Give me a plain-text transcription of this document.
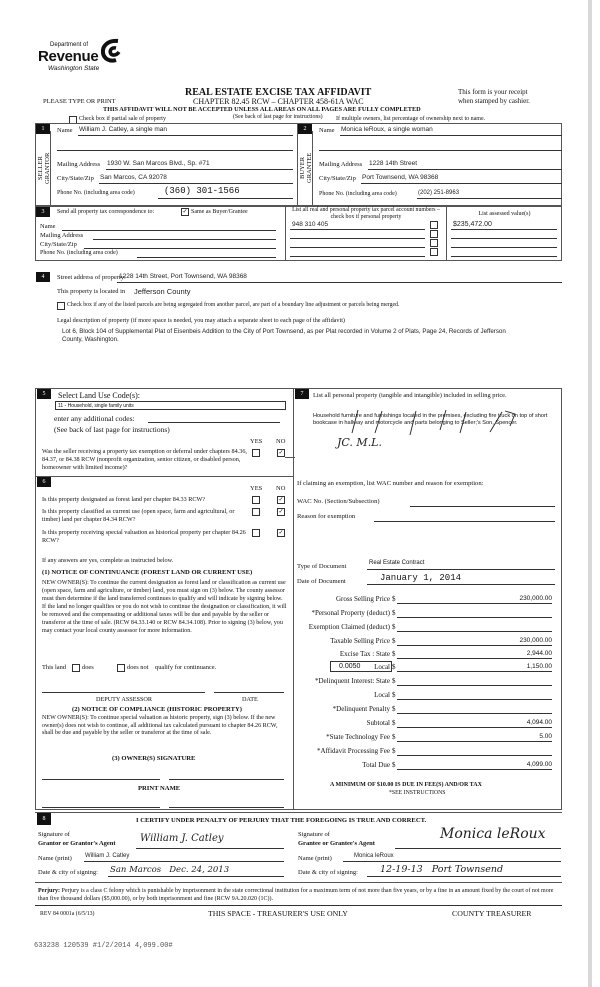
Department of
Revenue
Washington State
REAL ESTATE EXCISE TAX AFFIDAVIT
PLEASE TYPE OR PRINT	CHAPTER 82.45 RCW – CHAPTER 458-61A WAC
This form is your receipt
when stamped by cashier.
THIS AFFIDAVIT WILL NOT BE ACCEPTED UNLESS ALL AREAS ON ALL PAGES ARE FULLY COMPLETED
(See back of last page for instructions)
Check box if partial sale of property	If multiple owners, list percentage of ownership next to name.
1
SELLER
GRANTOR
Name William J. Catley, a single man
Mailing Address 1930 W. San Marcos Blvd., Sp. #71
City/State/Zip San Marcos, CA 92078
Phone No. (including area code)	(360) 301-1566
2
BUYER
GRANTEE
Name Monica leRoux, a single woman
Mailing Address 1228 14th Street
City/State/Zip Port Townsend, WA 98368
Phone No. (including area code)	(202) 251-8963
3	Send all property tax correspondence to:	✓ Same as Buyer/Grantee	List all real and personal property tax parcel account numbers – check box if personal property	List assessed value(s)
Name
Mailing Address
City/State/Zip
Phone No. (including area code)
948 310 405	$235,472.00
4	Street address of property:
1228 14th Street, Port Townsend, WA 98368
This property is located in Jefferson County
Check box if any of the listed parcels are being segregated from another parcel, are part of a boundary line adjustment or parcels being merged.
Legal description of property (if more space is needed, you may attach a separate sheet to each page of the affidavit)
Lot 6, Block 104 of Supplemental Plat of Eisenbeis Addition to the City of Port Townsend, as per Plat recorded in Volume 2 of Plats, Page 24, Records of Jefferson County, Washington.
5	Select Land Use Code(s):
11 - Household, single family units
enter any additional codes:
(See back of last page for instructions)
YES NO
Was the seller receiving a property tax exemption or deferral under chapters 84.36, 84.37, or 84.38 RCW (nonprofit organization, senior citizen, or disabled person, homeowner with limited income)?
✓
6
YES NO
Is this property designated as forest land per chapter 84.33 RCW?	✓
Is this property classified as current use (open space, farm and agricultural, or timber) land per chapter 84.34 RCW?
✓
Is this property receiving special valuation as historical property per chapter 84.26 RCW?
✓
If any answers are yes, complete as instructed below.
(1) NOTICE OF CONTINUANCE (FOREST LAND OR CURRENT USE)
NEW OWNER(S): To continue the current designation as forest land or classification as current use (open space, farm and agriculture, or timber) land, you must sign on (3) below. The county assessor must then determine if the land transferred continues to qualify and will indicate by signing below. If the land no longer qualifies or you do not wish to continue the designation or classification, it will be removed and the compensating or additional taxes will be due and payable by the seller or transferor at the time of sale. (RCW 84.33.140 or RCW 84.34.108). Prior to signing (3) below, you may contact your local county assessor for more information.
This land	does	does not qualify for continuance.
DEPUTY ASSESSOR	DATE
(2) NOTICE OF COMPLIANCE (HISTORIC PROPERTY)
NEW OWNER(S): To continue special valuation as historic property, sign (3) below. If the new owner(s) does not wish to continue, all additional tax calculated pursuant to chapter 84.26 RCW, shall be due and payable by the seller or transferor at the time of sale.
(3) OWNER(S) SIGNATURE
PRINT NAME
7	List all personal property (tangible and intangible) included in selling price.
Household furniture and furnishings located in the premises, excluding fire truck on top of short bookcase in hallway and motorcycle and parts belonging to Seller;'s Son, Spencer.
JC. M.L.
If claiming an exemption, list WAC number and reason for exemption:
WAC No. (Section/Subsection)
Reason for exemption
Type of Document	Real Estate Contract
Date of Document	January 1, 2014
Gross Selling Price $	230,000.00
*Personal Property (deduct) $
Exemption Claimed (deduct) $
Taxable Selling Price $	230,000.00
Excise Tax : State $	2,944.00
0.0050	Local $	1,150.00
*Delinquent Interest: State $
Local $
*Delinquent Penalty $
Subtotal $	4,094.00
*State Technology Fee $	5.00
*Affidavit Processing Fee $
Total Due $	4,099.00
A MINIMUM OF $10.00 IS DUE IN FEE(S) AND/OR TAX
*SEE INSTRUCTIONS
8	I CERTIFY UNDER PENALTY OF PERJURY THAT THE FOREGOING IS TRUE AND CORRECT.
Signature of
Grantor or Grantor's Agent William J. Catley
Name (print) William J. Catley
Date & city of signing: San Marcos   Dec. 24, 2013
Signature of
Grantee or Grantee's Agent
Monica leRoux
Name (print)	Monica leRoux
Date & city of signing: 12-19-13   Port Townsend
Perjury: Perjury is a class C felony which is punishable by imprisonment in the state correctional institution for a maximum term of not more than five years, or by a fine in an amount fixed by the court of not more than five thousand dollars ($5,000.00), or by both imprisonment and fine (RCW 9A.20.020 (1C)).
REV 84 0001a (6/5/13)	THIS SPACE - TREASURER'S USE ONLY	COUNTY TREASURER
633238 120539 #1/2/2014 4,099.00#
